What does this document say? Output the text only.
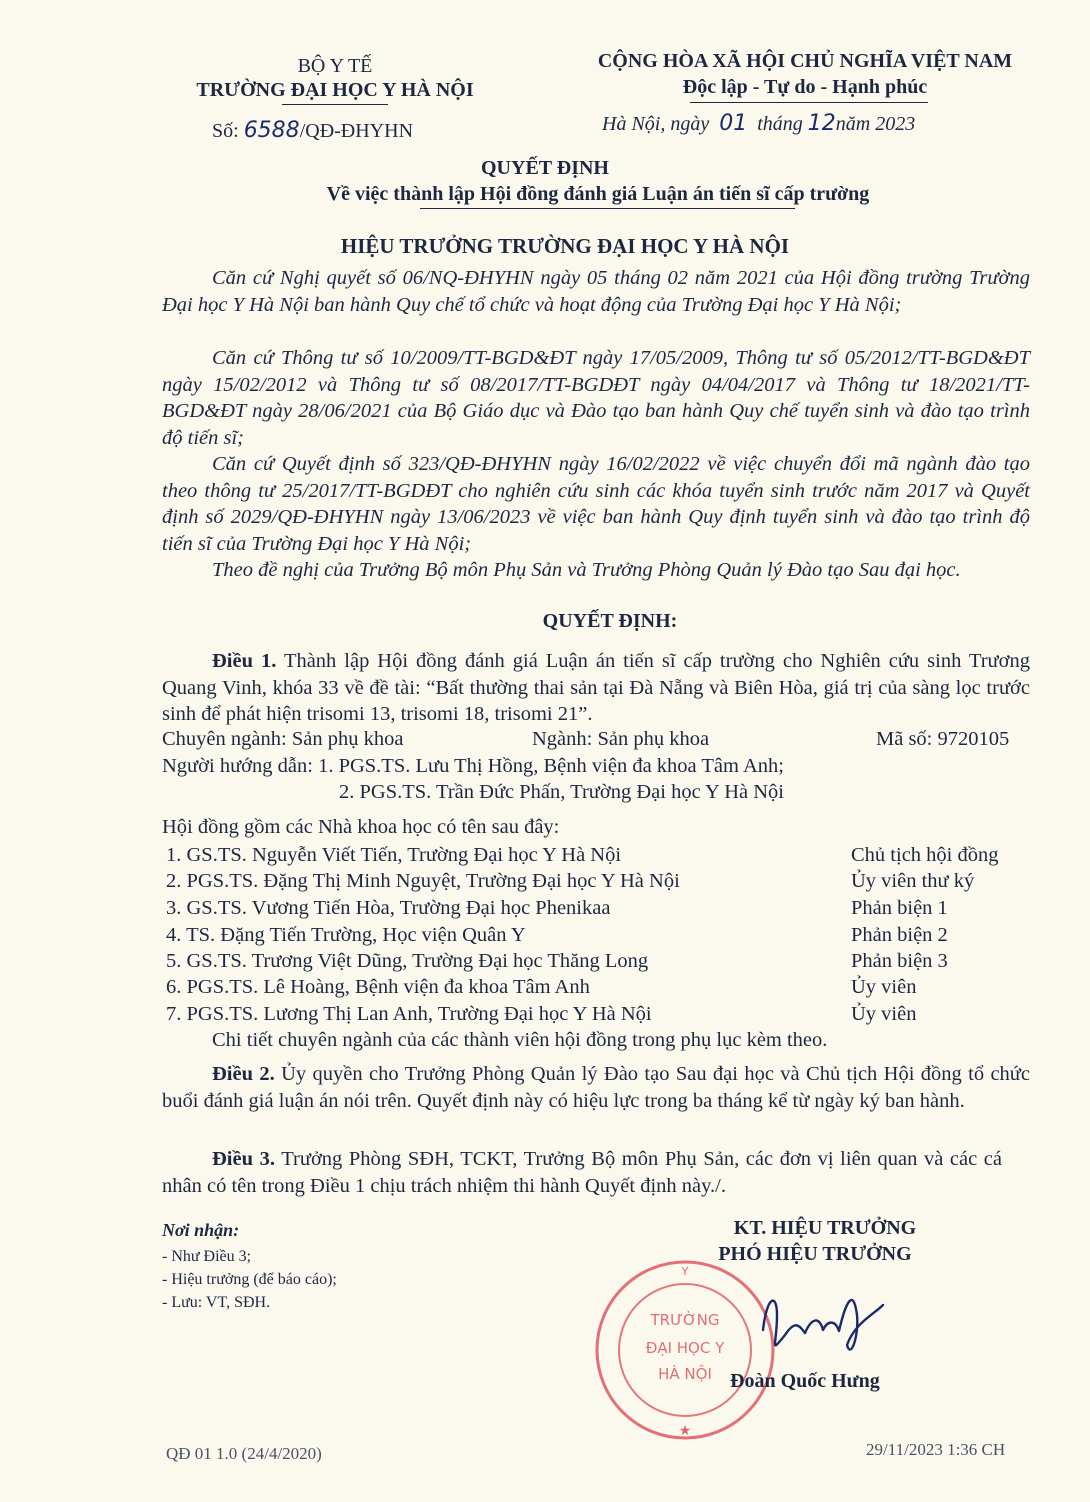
BỘ Y TẾ
TRƯỜNG ĐẠI HỌC Y HÀ NỘI
Số: 6588/QĐ-ĐHYHN
CỘNG HÒA XÃ HỘI CHỦ NGHĨA VIỆT NAM
Độc lập - Tự do - Hạnh phúc
Hà Nội, ngày 01 tháng 12năm 2023
QUYẾT ĐỊNH
Về việc thành lập Hội đồng đánh giá Luận án tiến sĩ cấp trường
HIỆU TRƯỞNG TRƯỜNG ĐẠI HỌC Y HÀ NỘI
Căn cứ Nghị quyết số 06/NQ-ĐHYHN ngày 05 tháng 02 năm 2021 của Hội đồng trường Trường Đại học Y Hà Nội ban hành Quy chế tổ chức và hoạt động của Trường Đại học Y Hà Nội;
Căn cứ Thông tư số 10/2009/TT-BGD&ĐT ngày 17/05/2009, Thông tư số 05/2012/TT-BGD&ĐT ngày 15/02/2012 và Thông tư số 08/2017/TT-BGDĐT ngày 04/04/2017 và Thông tư 18/2021/TT-BGD&ĐT ngày 28/06/2021 của Bộ Giáo dục và Đào tạo ban hành Quy chế tuyển sinh và đào tạo trình độ tiến sĩ;
Căn cứ Quyết định số 323/QĐ-ĐHYHN ngày 16/02/2022 về việc chuyển đổi mã ngành đào tạo theo thông tư 25/2017/TT-BGDĐT cho nghiên cứu sinh các khóa tuyển sinh trước năm 2017 và Quyết định số 2029/QĐ-ĐHYHN ngày 13/06/2023 về việc ban hành Quy định tuyển sinh và đào tạo trình độ tiến sĩ của Trường Đại học Y Hà Nội;
Theo đề nghị của Trưởng Bộ môn Phụ Sản và Trưởng Phòng Quản lý Đào tạo Sau đại học.
QUYẾT ĐỊNH:
Điều 1. Thành lập Hội đồng đánh giá Luận án tiến sĩ cấp trường cho Nghiên cứu sinh Trương Quang Vinh, khóa 33 về đề tài: “Bất thường thai sản tại Đà Nẵng và Biên Hòa, giá trị của sàng lọc trước sinh để phát hiện trisomi 13, trisomi 18, trisomi 21”.
Chuyên ngành: Sản phụ khoa	Ngành: Sản phụ khoa	Mã số: 9720105
Người hướng dẫn: 1. PGS.TS. Lưu Thị Hồng, Bệnh viện đa khoa Tâm Anh;
2. PGS.TS. Trần Đức Phấn, Trường Đại học Y Hà Nội
Hội đồng gồm các Nhà khoa học có tên sau đây:
1. GS.TS. Nguyễn Viết Tiến, Trường Đại học Y Hà Nội	Chủ tịch hội đồng
2. PGS.TS. Đặng Thị Minh Nguyệt, Trường Đại học Y Hà Nội	Ủy viên thư ký
3. GS.TS. Vương Tiến Hòa, Trường Đại học Phenikaa	Phản biện 1
4. TS. Đặng Tiến Trường, Học viện Quân Y	Phản biện 2
5. GS.TS. Trương Việt Dũng, Trường Đại học Thăng Long	Phản biện 3
6. PGS.TS. Lê Hoàng, Bệnh viện đa khoa Tâm Anh	Ủy viên
7. PGS.TS. Lương Thị Lan Anh, Trường Đại học Y Hà Nội	Ủy viên
Chi tiết chuyên ngành của các thành viên hội đồng trong phụ lục kèm theo.
Điều 2. Ủy quyền cho Trưởng Phòng Quản lý Đào tạo Sau đại học và Chủ tịch Hội đồng tổ chức buổi đánh giá luận án nói trên. Quyết định này có hiệu lực trong ba tháng kể từ ngày ký ban hành.
Điều 3. Trưởng Phòng SĐH, TCKT, Trưởng Bộ môn Phụ Sản, các đơn vị liên quan và các cá nhân có tên trong Điều 1 chịu trách nhiệm thi hành Quyết định này./.
Nơi nhận:
- Như Điều 3;
- Hiệu trưởng (để báo cáo);
- Lưu: VT, SĐH.
KT. HIỆU TRƯỞNG
PHÓ HIỆU TRƯỞNG
Y
★
TRƯỜNG
ĐẠI HỌC Y
HÀ NỘI Đoàn Quốc Hưng
QĐ 01 1.0 (24/4/2020)	29/11/2023 1:36 CH
